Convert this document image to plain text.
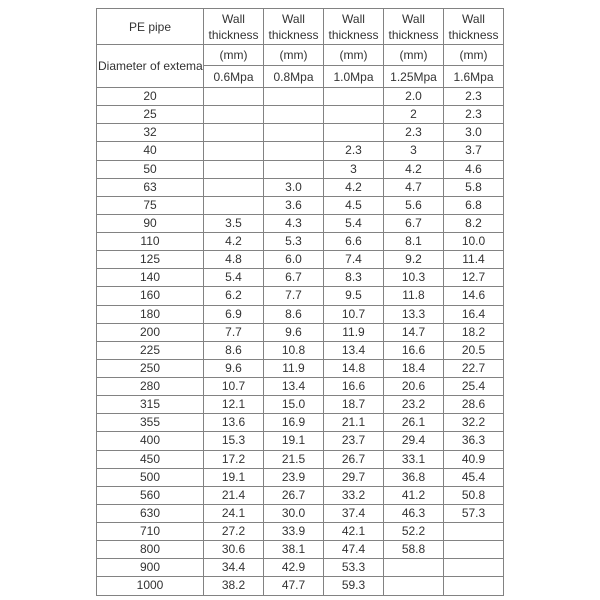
PE pipe	Wall thickness	Wall thickness	Wall thickness	Wall thickness	Wall thickness
Diameter of extema	(mm)	(mm)	(mm)	(mm)	(mm)
	0.6Mpa	0.8Mpa	1.0Mpa	1.25Mpa	1.6Mpa
20				2.0	2.3
25				2	2.3
32				2.3	3.0
40			2.3	3	3.7
50			3	4.2	4.6
63		3.0	4.2	4.7	5.8
75		3.6	4.5	5.6	6.8
90	3.5	4.3	5.4	6.7	8.2
110	4.2	5.3	6.6	8.1	10.0
125	4.8	6.0	7.4	9.2	11.4
140	5.4	6.7	8.3	10.3	12.7
160	6.2	7.7	9.5	11.8	14.6
180	6.9	8.6	10.7	13.3	16.4
200	7.7	9.6	11.9	14.7	18.2
225	8.6	10.8	13.4	16.6	20.5
250	9.6	11.9	14.8	18.4	22.7
280	10.7	13.4	16.6	20.6	25.4
315	12.1	15.0	18.7	23.2	28.6
355	13.6	16.9	21.1	26.1	32.2
400	15.3	19.1	23.7	29.4	36.3
450	17.2	21.5	26.7	33.1	40.9
500	19.1	23.9	29.7	36.8	45.4
560	21.4	26.7	33.2	41.2	50.8
630	24.1	30.0	37.4	46.3	57.3
710	27.2	33.9	42.1	52.2	
800	30.6	38.1	47.4	58.8	
900	34.4	42.9	53.3		
1000	38.2	47.7	59.3		
